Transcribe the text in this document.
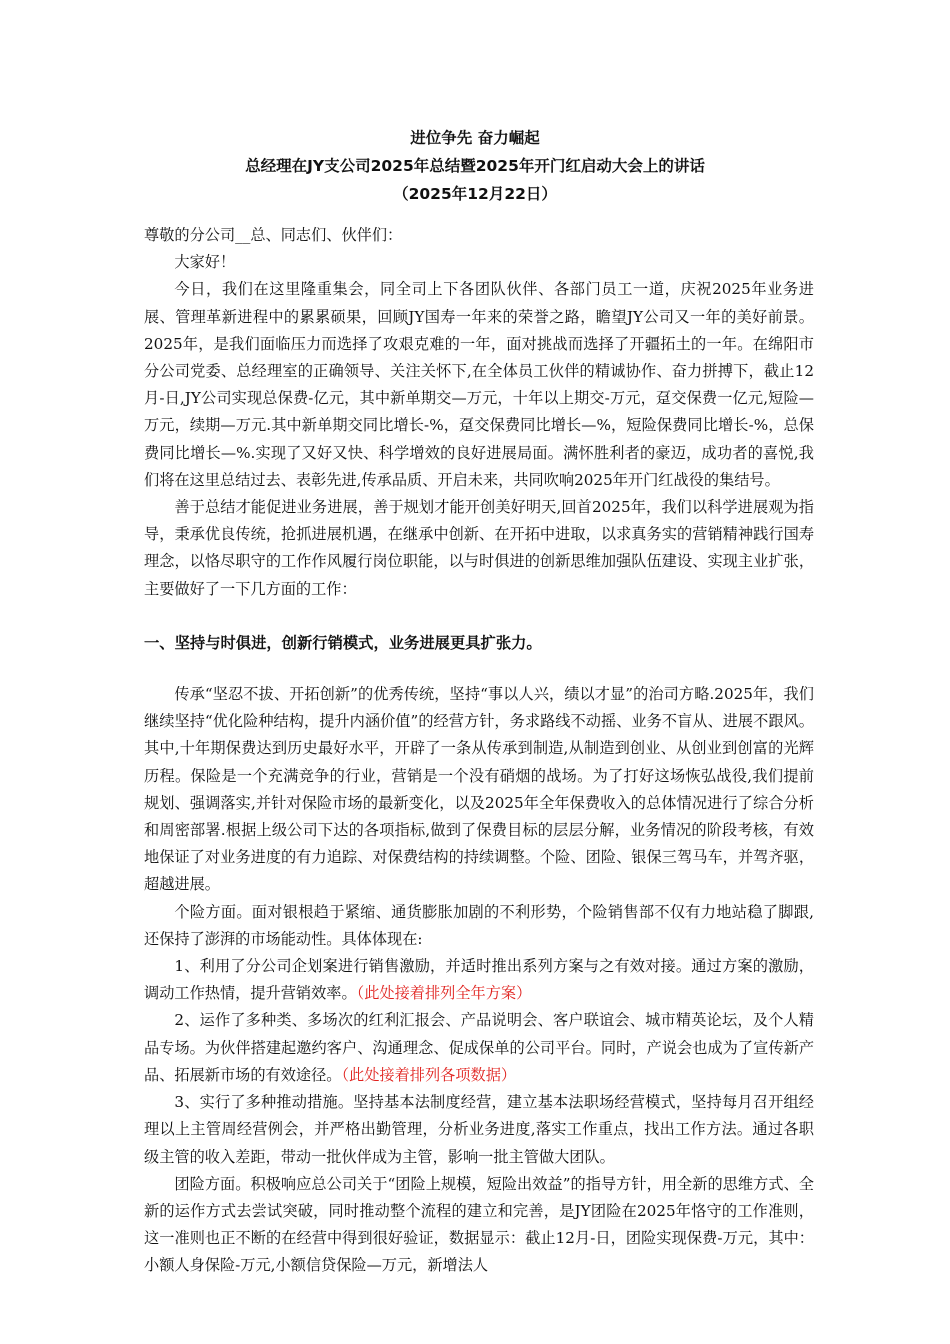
进位争先 奋力崛起
总经理在JY支公司2025年总结暨2025年开门红启动大会上的讲话
（2025年12月22日）

尊敬的分公司__总、同志们、伙伴们：

大家好！

今日，我们在这里隆重集会，同全司上下各团队伙伴、各部门员工一道，庆祝2025年业务进展、管理革新进程中的累累硕果，回顾JY国寿一年来的荣誉之路，瞻望JY公司又一年的美好前景。2025年，是我们面临压力而选择了攻艰克难的一年，面对挑战而选择了开疆拓土的一年。在绵阳市分公司党委、总经理室的正确领导、关注关怀下,在全体员工伙伴的精诚协作、奋力拼搏下，截止12月-日,JY公司实现总保费-亿元，其中新单期交—万元，十年以上期交-万元，趸交保费一亿元,短险—万元，续期—万元.其中新单期交同比增长-%，趸交保费同比增长—%，短险保费同比增长-%，总保费同比增长—%.实现了又好又快、科学增效的良好进展局面。满怀胜利者的豪迈，成功者的喜悦,我们将在这里总结过去、表彰先进,传承品质、开启未来，共同吹响2025年开门红战役的集结号。

善于总结才能促进业务进展，善于规划才能开创美好明天,回首2025年，我们以科学进展观为指导，秉承优良传统，抢抓进展机遇，在继承中创新、在开拓中进取，以求真务实的营销精神践行国寿理念，以恪尽职守的工作作风履行岗位职能，以与时俱进的创新思维加强队伍建设、实现主业扩张，主要做好了一下几方面的工作：

一、坚持与时俱进，创新行销模式，业务进展更具扩张力。

传承“坚忍不拔、开拓创新”的优秀传统，坚持“事以人兴，绩以才显”的治司方略.2025年，我们继续坚持“优化险种结构，提升内涵价值”的经营方针，务求路线不动摇、业务不盲从、进展不跟风。其中,十年期保费达到历史最好水平，开辟了一条从传承到制造,从制造到创业、从创业到创富的光辉历程。保险是一个充满竞争的行业，营销是一个没有硝烟的战场。为了打好这场恢弘战役,我们提前规划、强调落实,并针对保险市场的最新变化，以及2025年全年保费收入的总体情况进行了综合分析和周密部署.根据上级公司下达的各项指标,做到了保费目标的层层分解，业务情况的阶段考核，有效地保证了对业务进度的有力追踪、对保费结构的持续调整。个险、团险、银保三驾马车，并驾齐驱，超越进展。

个险方面。面对银根趋于紧缩、通货膨胀加剧的不利形势，个险销售部不仅有力地站稳了脚跟,还保持了澎湃的市场能动性。具体体现在:

1、利用了分公司企划案进行销售激励，并适时推出系列方案与之有效对接。通过方案的激励，调动工作热情，提升营销效率。（此处接着排列全年方案）

2、运作了多种类、多场次的红利汇报会、产品说明会、客户联谊会、城市精英论坛，及个人精品专场。为伙伴搭建起邀约客户、沟通理念、促成保单的公司平台。同时，产说会也成为了宣传新产品、拓展新市场的有效途径。（此处接着排列各项数据）

3、实行了多种推动措施。坚持基本法制度经营，建立基本法职场经营模式，坚持每月召开组经理以上主管周经营例会，并严格出勤管理，分析业务进度,落实工作重点，找出工作方法。通过各职级主管的收入差距，带动一批伙伴成为主管，影响一批主管做大团队。

团险方面。积极响应总公司关于“团险上规模，短险出效益”的指导方针，用全新的思维方式、全新的运作方式去尝试突破，同时推动整个流程的建立和完善，是JY团险在2025年恪守的工作准则，这一准则也正不断的在经营中得到很好验证，数据显示：截止12月-日，团险实现保费-万元，其中：小额人身保险-万元,小额信贷保险—万元，新增法人
